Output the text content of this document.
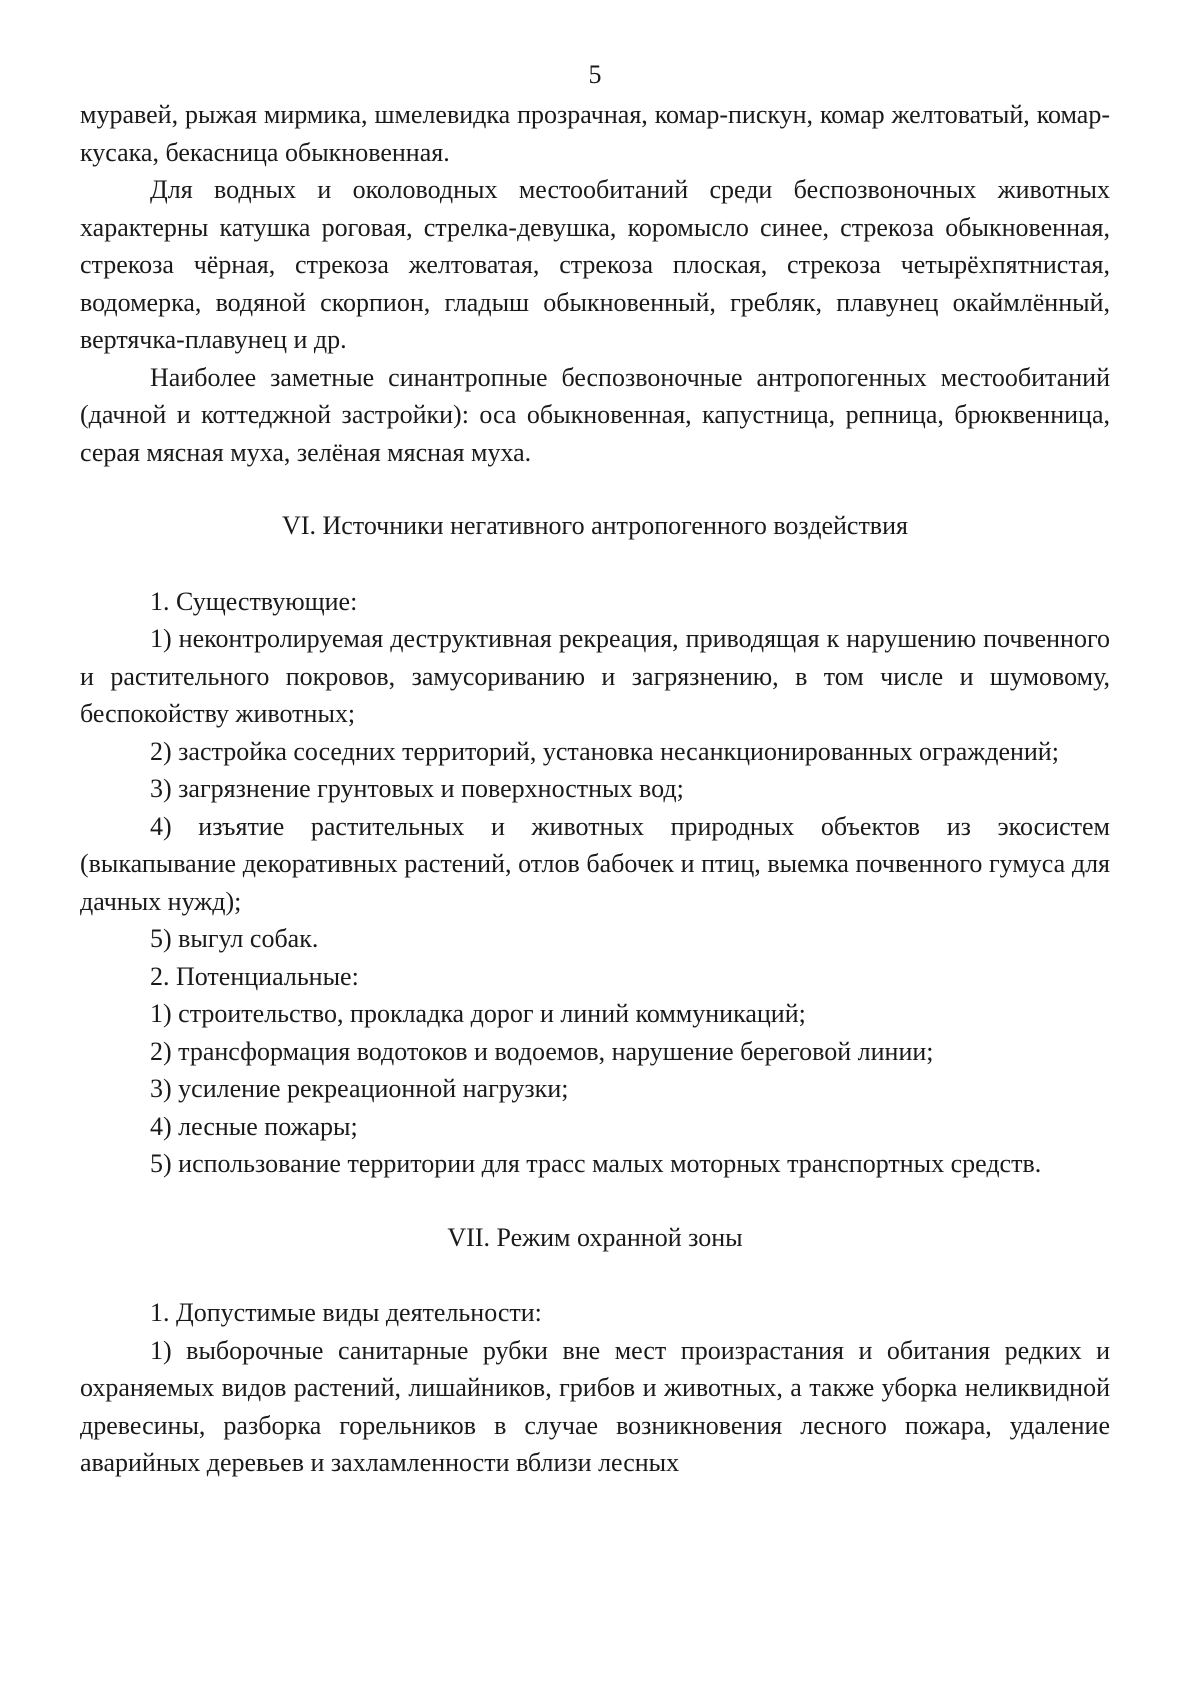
5

муравей, рыжая мирмика, шмелевидка прозрачная, комар-пискун, комар желтоватый, комар-кусака, бекасница обыкновенная.

Для водных и околоводных местообитаний среди беспозвоночных животных характерны катушка роговая, стрелка-девушка, коромысло синее, стрекоза обыкновенная, стрекоза чёрная, стрекоза желтоватая, стрекоза плоская, стрекоза четырёхпятнистая, водомерка, водяной скорпион, гладыш обыкновенный, гребляк, плавунец окаймлённый, вертячка-плавунец и др.

Наиболее заметные синантропные беспозвоночные антропогенных местообитаний (дачной и коттеджной застройки): оса обыкновенная, капустница, репница, брюквенница, серая мясная муха, зелёная мясная муха.

VI. Источники негативного антропогенного воздействия

1. Существующие:

1) неконтролируемая деструктивная рекреация, приводящая к нарушению почвенного и растительного покровов, замусориванию и загрязнению, в том числе и шумовому, беспокойству животных;

2) застройка соседних территорий, установка несанкционированных ограждений;

3) загрязнение грунтовых и поверхностных вод;

4) изъятие растительных и животных природных объектов из экосистем (выкапывание декоративных растений, отлов бабочек и птиц, выемка почвенного гумуса для дачных нужд);

5) выгул собак.

2. Потенциальные:

1) строительство, прокладка дорог и линий коммуникаций;

2) трансформация водотоков и водоемов, нарушение береговой линии;

3) усиление рекреационной нагрузки;

4) лесные пожары;

5) использование территории для трасс малых моторных транспортных средств.

VII. Режим охранной зоны

1. Допустимые виды деятельности:

1) выборочные санитарные рубки вне мест произрастания и обитания редких и охраняемых видов растений, лишайников, грибов и животных, а также уборка неликвидной древесины, разборка горельников в случае возникновения лесного пожара, удаление аварийных деревьев и захламленности вблизи лесных
